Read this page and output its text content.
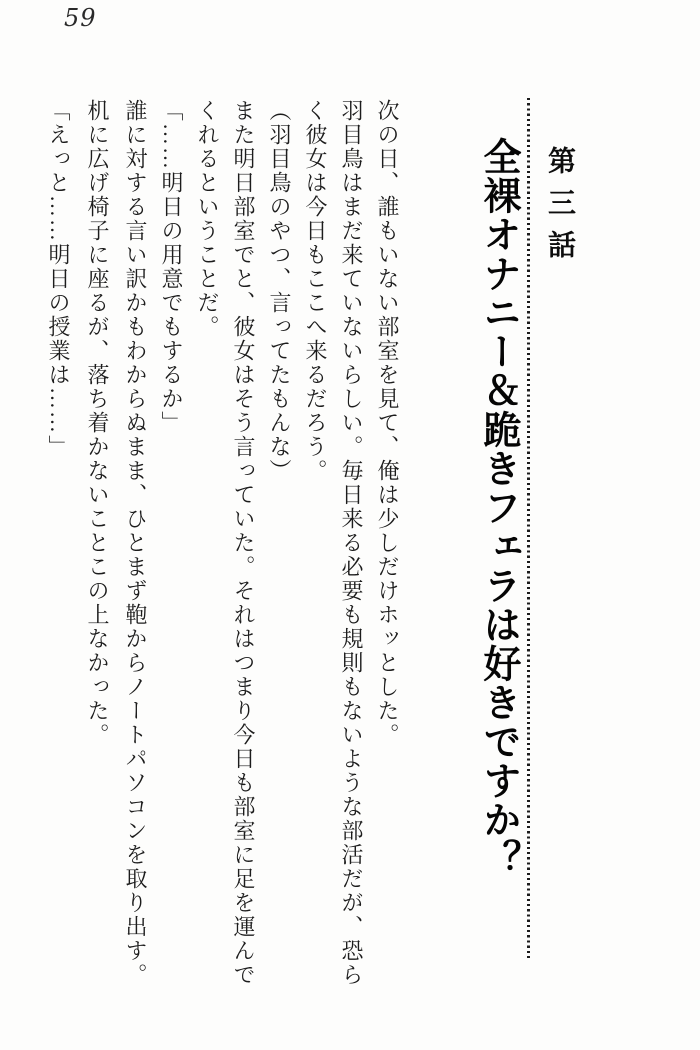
59
第三話
全裸オナニー＆跪きフェラは好きですか？
次の日、誰もいない部室を見て、俺は少しだけホッとした。
羽目鳥はまだ来ていないらしい。毎日来る必要も規則もないような部活だが、恐ら
く彼女は今日もここへ来るだろう。
（羽目鳥のやつ、言ってたもんな）
また明日部室でと、彼女はそう言っていた。それはつまり今日も部室に足を運んで
くれるということだ。
「……明日の用意でもするか」
誰に対する言い訳かもわからぬまま、ひとまず鞄からノートパソコンを取り出す。
机に広げ椅子に座るが、落ち着かないことこの上なかった。
「えっと……明日の授業は……」
